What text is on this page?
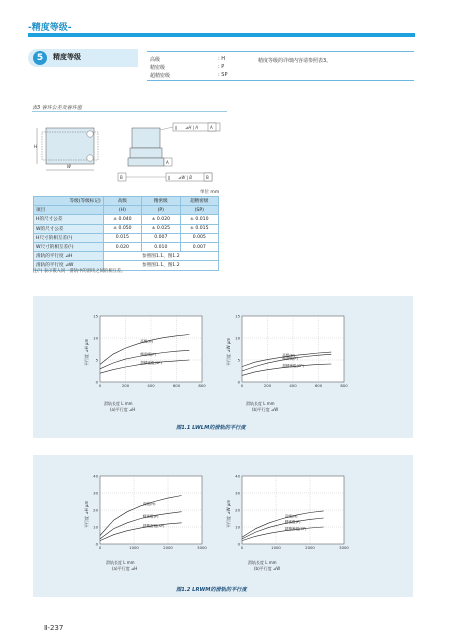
-精度等级-
5	精度等级	高级	: H
精密级	: P
超精密级	: SP
精度等级的详细内容请参照表3。
表3 容许公差及容许值
H
W
∥ ⊿H | A	A
A
B	∥ ⊿W | B	B
单位 mm
等级(等级标记)	高级	精密级	超精密级
项目	(H)	(P)	(SP)
H的尺寸公差	± 0.040	± 0.020	± 0.010
W的尺寸公差	± 0.050	± 0.025	± 0.015
H尺寸的相互差(¹)	0.015	0.007	0.005
W尺寸的相互差(¹)	0.020	0.010	0.007
滑轨的平行度 ⊿H	参照图1.1、图1.2		
滑轨的平行度 ⊿W	参照图1.1、图1.2		
注(¹) 表示嵌入同一滑轨中的滑块之间的相互差。
0
5
10
15
0	200	400	600	800
高级(H)
精密级(P)
超精密级(SP)
0
5
10
15
0	200	400	600	800
高级(H)
精密级(P)
超精密级(SP)
滑轨长度 L mm
(a)平行度 ⊿H
滑轨长度 L mm
(b)平行度 ⊿W
平行度 ⊿H μm	平行度 ⊿W μm
图1.1 LWLM的滑轨的平行度
0
10
20
30
40
0	1000	2000	3000
高级(H)
精密级(P)
超精密级(SP)
0
10
20
30
40
0	1000	2000	3000
高级(H)
精密级(P)
超精密级(SP)
滑轨长度 L mm
(a)平行度 ⊿H
滑轨长度 L mm
(b)平行度 ⊿W
平行度 ⊿H μm	平行度 ⊿W μm
图1.2 LRWM的滑轨的平行度
Ⅱ-237
